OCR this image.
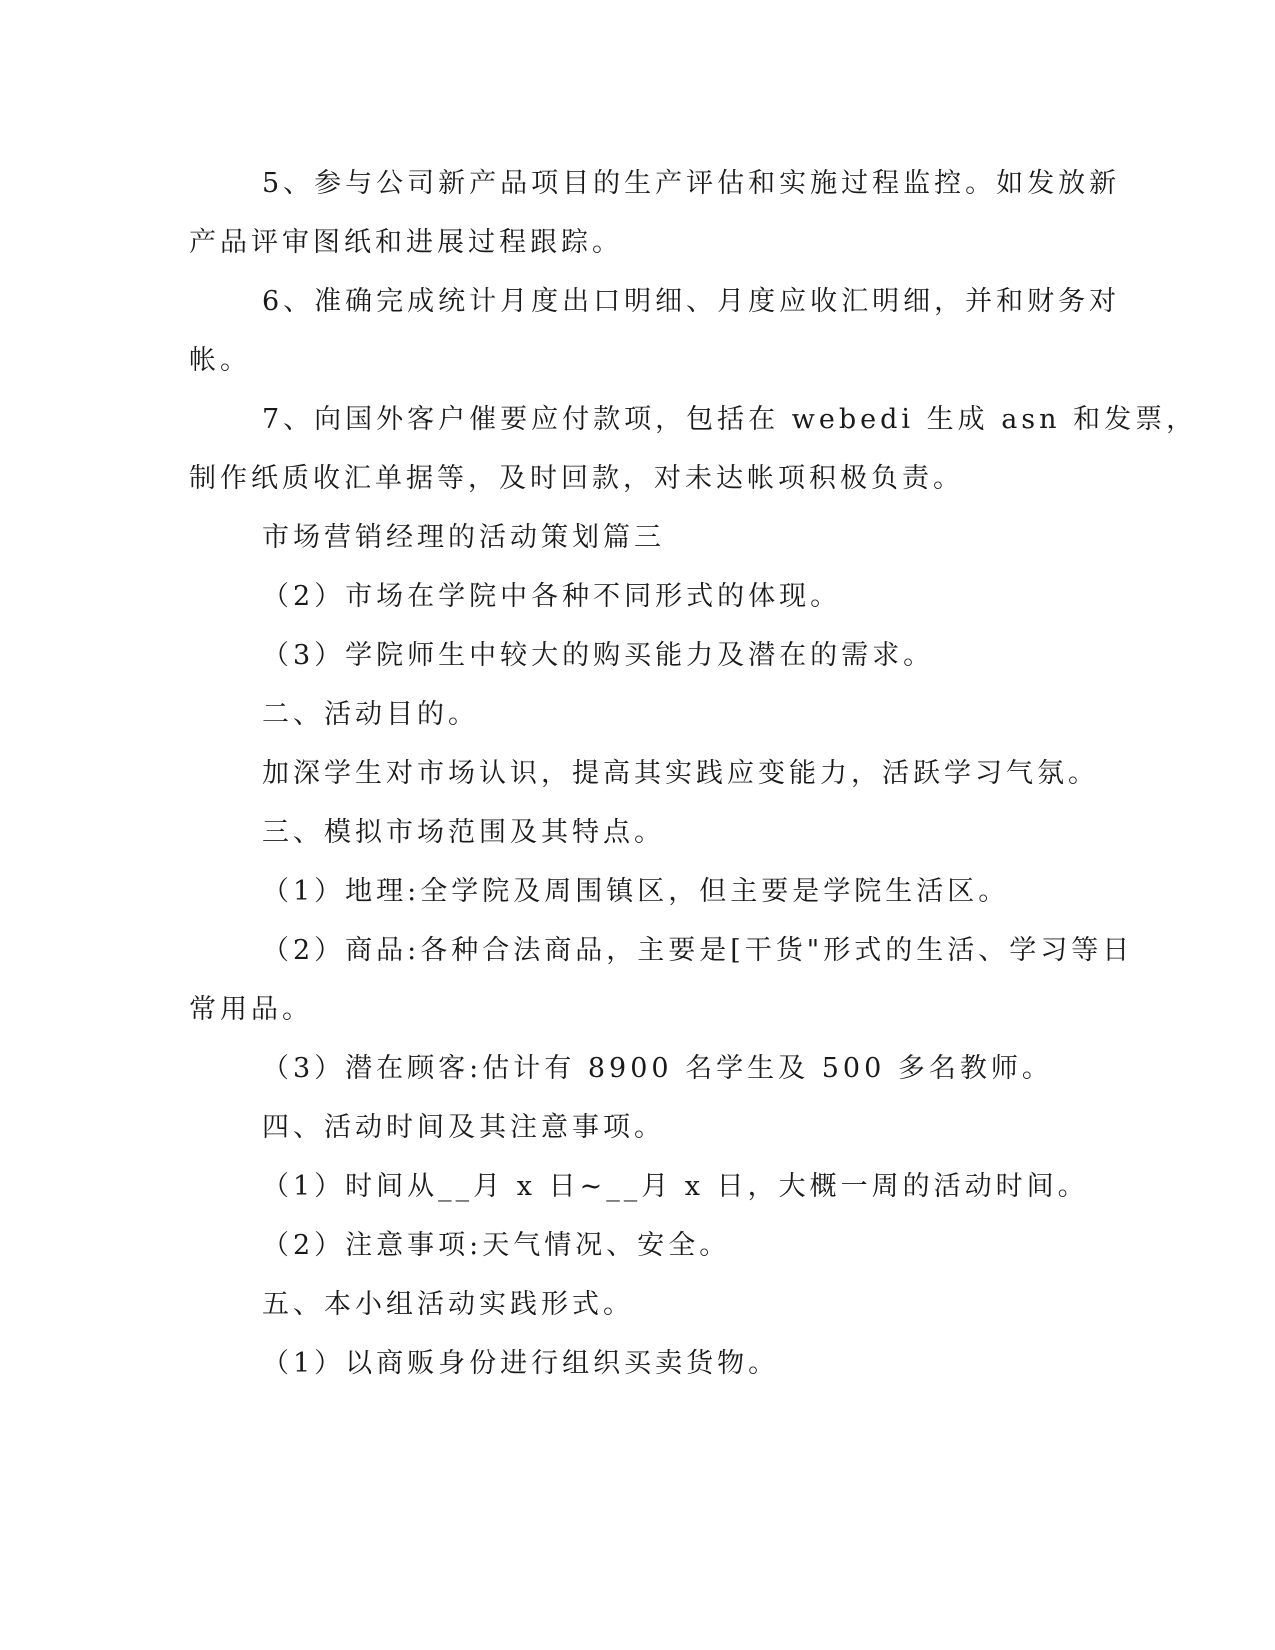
5、参与公司新产品项目的生产评估和实施过程监控。如发放新
产品评审图纸和进展过程跟踪。
6、准确完成统计月度出口明细、月度应收汇明细，并和财务对
帐。
7、向国外客户催要应付款项，包括在 webedi 生成 asn 和发票，
制作纸质收汇单据等，及时回款，对未达帐项积极负责。
市场营销经理的活动策划篇三
（2）市场在学院中各种不同形式的体现。
（3）学院师生中较大的购买能力及潜在的需求。
二、活动目的。
加深学生对市场认识，提高其实践应变能力，活跃学习气氛。
三、模拟市场范围及其特点。
（1）地理:全学院及周围镇区，但主要是学院生活区。
（2）商品:各种合法商品，主要是[干货"形式的生活、学习等日
常用品。
（3）潜在顾客:估计有 8900 名学生及 500 多名教师。
四、活动时间及其注意事项。
（1）时间从__月 x 日~__月 x 日，大概一周的活动时间。
（2）注意事项:天气情况、安全。
五、本小组活动实践形式。
（1）以商贩身份进行组织买卖货物。
